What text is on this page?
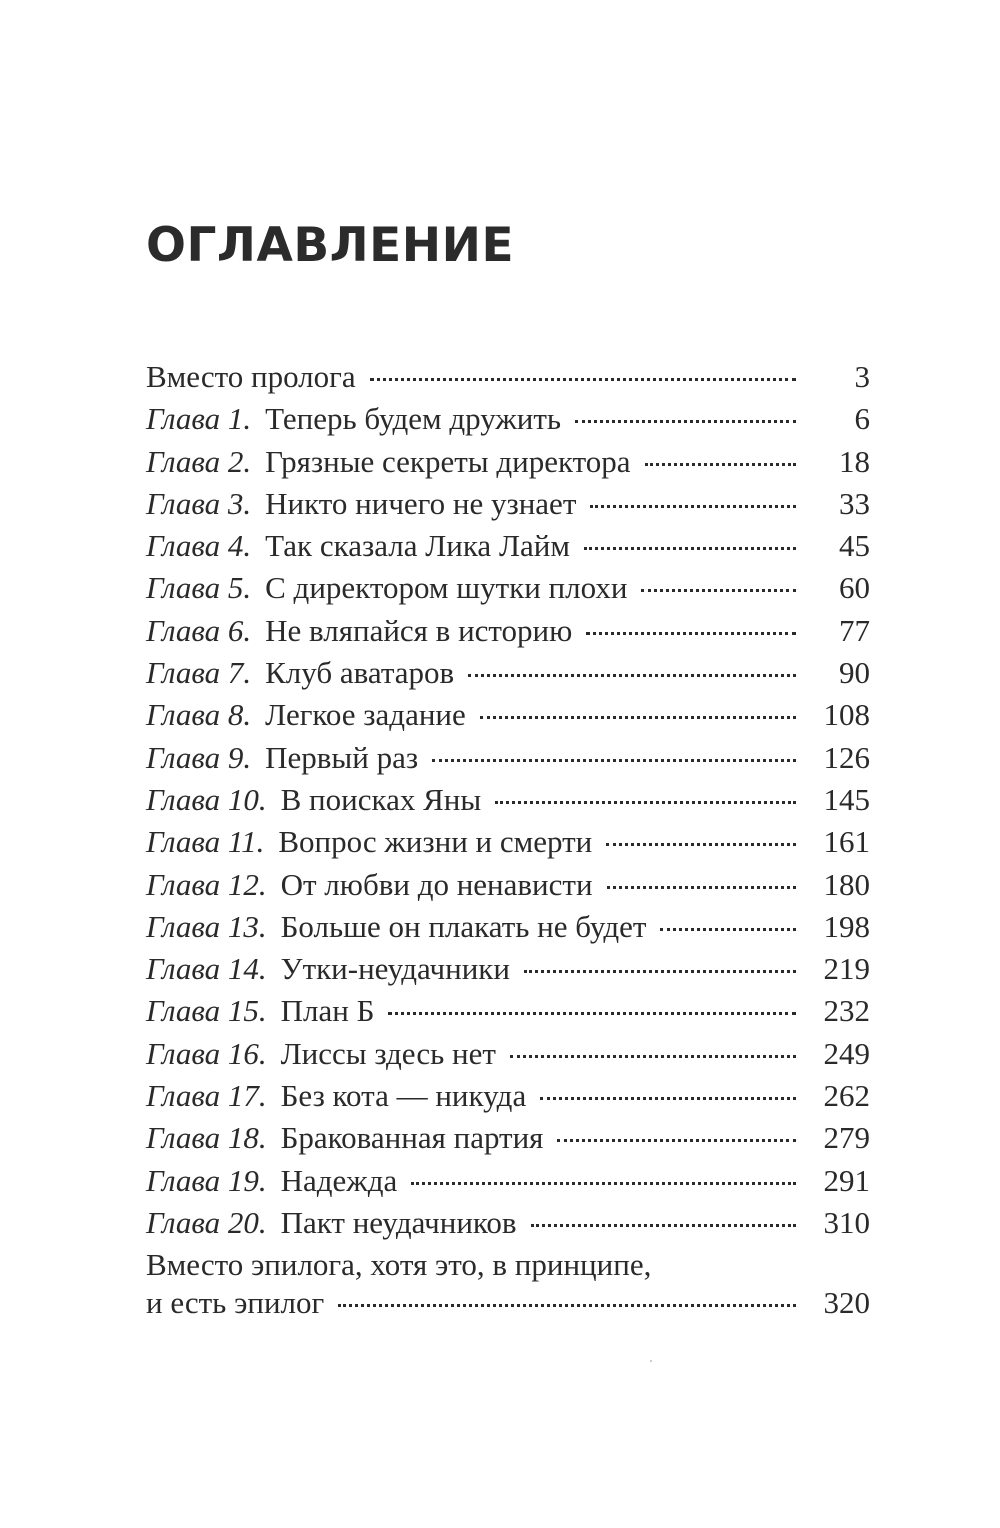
ОГЛАВЛЕНИЕ
Вместо пролога	3
Глава 1. Теперь будем дружить	6
Глава 2. Грязные секреты директора	18
Глава 3. Никто ничего не узнает	33
Глава 4. Так сказала Лика Лайм	45
Глава 5. С директором шутки плохи	60
Глава 6. Не вляпайся в историю	77
Глава 7. Клуб аватаров	90
Глава 8. Легкое задание	108
Глава 9. Первый раз	126
Глава 10. В поисках Яны	145
Глава 11. Вопрос жизни и смерти	161
Глава 12. От любви до ненависти	180
Глава 13. Больше он плакать не будет	198
Глава 14. Утки-неудачники	219
Глава 15. План Б	232
Глава 16. Лиссы здесь нет	249
Глава 17. Без кота — никуда	262
Глава 18. Бракованная партия	279
Глава 19. Надежда	291
Глава 20. Пакт неудачников	310
Вместо эпилога, хотя это, в принципе,
и есть эпилог	320
